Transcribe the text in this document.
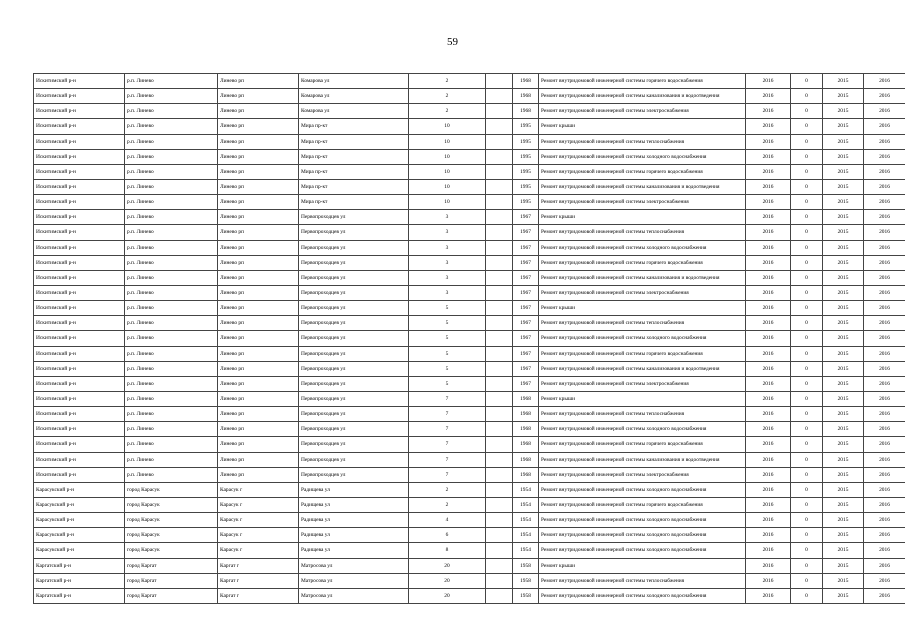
59
Искитимский р-н	р.п. Линево	Линево рп	Комарова ул	2		1968	Ремонт внутридомовой инженерной системы горячего водоснабжения	2016	0	2015	2016
Искитимский р-н	р.п. Линево	Линево рп	Комарова ул	2		1968	Ремонт внутридомовой инженерной системы канализования и водоотведения	2016	0	2015	2016
Искитимский р-н	р.п. Линево	Линево рп	Комарова ул	2		1968	Ремонт внутридомовой инженерной системы электроснабжения	2016	0	2015	2016
Искитимский р-н	р.п. Линево	Линево рп	Мира пр-кт	10		1995	Ремонт крыши	2016	0	2015	2016
Искитимский р-н	р.п. Линево	Линево рп	Мира пр-кт	10		1995	Ремонт внутридомовой инженерной системы теплоснабжения	2016	0	2015	2016
Искитимский р-н	р.п. Линево	Линево рп	Мира пр-кт	10		1995	Ремонт внутридомовой инженерной системы холодного водоснабжения	2016	0	2015	2016
Искитимский р-н	р.п. Линево	Линево рп	Мира пр-кт	10		1995	Ремонт внутридомовой инженерной системы горячего водоснабжения	2016	0	2015	2016
Искитимский р-н	р.п. Линево	Линево рп	Мира пр-кт	10		1995	Ремонт внутридомовой инженерной системы канализования и водоотведения	2016	0	2015	2016
Искитимский р-н	р.п. Линево	Линево рп	Мира пр-кт	10		1995	Ремонт внутридомовой инженерной системы электроснабжения	2016	0	2015	2016
Искитимский р-н	р.п. Линево	Линево рп	Первопроходцев ул	3		1967	Ремонт крыши	2016	0	2015	2016
Искитимский р-н	р.п. Линево	Линево рп	Первопроходцев ул	3		1967	Ремонт внутридомовой инженерной системы теплоснабжения	2016	0	2015	2016
Искитимский р-н	р.п. Линево	Линево рп	Первопроходцев ул	3		1967	Ремонт внутридомовой инженерной системы холодного водоснабжения	2016	0	2015	2016
Искитимский р-н	р.п. Линево	Линево рп	Первопроходцев ул	3		1967	Ремонт внутридомовой инженерной системы горячего водоснабжения	2016	0	2015	2016
Искитимский р-н	р.п. Линево	Линево рп	Первопроходцев ул	3		1967	Ремонт внутридомовой инженерной системы канализования и водоотведения	2016	0	2015	2016
Искитимский р-н	р.п. Линево	Линево рп	Первопроходцев ул	3		1967	Ремонт внутридомовой инженерной системы электроснабжения	2016	0	2015	2016
Искитимский р-н	р.п. Линево	Линево рп	Первопроходцев ул	5		1967	Ремонт крыши	2016	0	2015	2016
Искитимский р-н	р.п. Линево	Линево рп	Первопроходцев ул	5		1967	Ремонт внутридомовой инженерной системы теплоснабжения	2016	0	2015	2016
Искитимский р-н	р.п. Линево	Линево рп	Первопроходцев ул	5		1967	Ремонт внутридомовой инженерной системы холодного водоснабжения	2016	0	2015	2016
Искитимский р-н	р.п. Линево	Линево рп	Первопроходцев ул	5		1967	Ремонт внутридомовой инженерной системы горячего водоснабжения	2016	0	2015	2016
Искитимский р-н	р.п. Линево	Линево рп	Первопроходцев ул	5		1967	Ремонт внутридомовой инженерной системы канализования и водоотведения	2016	0	2015	2016
Искитимский р-н	р.п. Линево	Линево рп	Первопроходцев ул	5		1967	Ремонт внутридомовой инженерной системы электроснабжения	2016	0	2015	2016
Искитимский р-н	р.п. Линево	Линево рп	Первопроходцев ул	7		1968	Ремонт крыши	2016	0	2015	2016
Искитимский р-н	р.п. Линево	Линево рп	Первопроходцев ул	7		1968	Ремонт внутридомовой инженерной системы теплоснабжения	2016	0	2015	2016
Искитимский р-н	р.п. Линево	Линево рп	Первопроходцев ул	7		1968	Ремонт внутридомовой инженерной системы холодного водоснабжения	2016	0	2015	2016
Искитимский р-н	р.п. Линево	Линево рп	Первопроходцев ул	7		1968	Ремонт внутридомовой инженерной системы горячего водоснабжения	2016	0	2015	2016
Искитимский р-н	р.п. Линево	Линево рп	Первопроходцев ул	7		1968	Ремонт внутридомовой инженерной системы канализования и водоотведения	2016	0	2015	2016
Искитимский р-н	р.п. Линево	Линево рп	Первопроходцев ул	7		1968	Ремонт внутридомовой инженерной системы электроснабжения	2016	0	2015	2016
Карасукский р-н	город Карасук	Карасук г	Радищева ул	2		1954	Ремонт внутридомовой инженерной системы холодного водоснабжения	2016	0	2015	2016
Карасукский р-н	город Карасук	Карасук г	Радищева ул	2		1954	Ремонт внутридомовой инженерной системы горячего водоснабжения	2016	0	2015	2016
Карасукский р-н	город Карасук	Карасук г	Радищева ул	4		1954	Ремонт внутридомовой инженерной системы холодного водоснабжения	2016	0	2015	2016
Карасукский р-н	город Карасук	Карасук г	Радищева ул	6		1954	Ремонт внутридомовой инженерной системы холодного водоснабжения	2016	0	2015	2016
Карасукский р-н	город Карасук	Карасук г	Радищева ул	8		1954	Ремонт внутридомовой инженерной системы холодного водоснабжения	2016	0	2015	2016
Каргатский р-н	город Каргат	Каргат г	Матросова ул	20		1958	Ремонт крыши	2016	0	2015	2016
Каргатский р-н	город Каргат	Каргат г	Матросова ул	20		1958	Ремонт внутридомовой инженерной системы теплоснабжения	2016	0	2015	2016
Каргатский р-н	город Каргат	Каргат г	Матросова ул	20		1958	Ремонт внутридомовой инженерной системы холодного водоснабжения	2016	0	2015	2016
